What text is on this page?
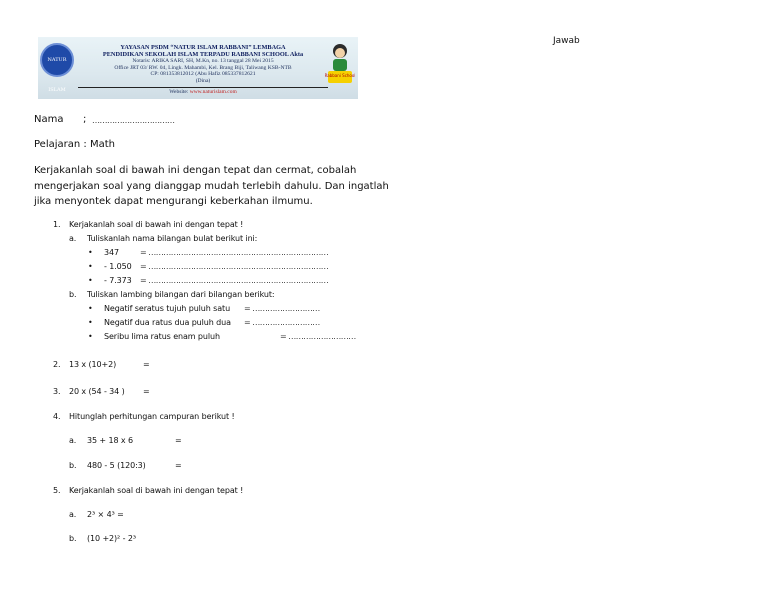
Jawab
NATUR ISLAM
YAYASAN PSDM “NATUR ISLAM RABBANI” LEMBAGA
PENDIDIKAN SEKOLAH ISLAM TERPADU RABBANI SCHOOL Akta
Notaris: ARIKA SARI, SH, M.Kn, no. 13 tanggal 28 Mei 2015
Office JRT 03/ RW. 04, Lingk. Mahambi, Kel. Brang Biji, Taliwang KSB-NTB
CP: 081353812012 (Abu Hafiz 085337812621
(Dina)
Website: www.naturislam.com
Rabbani School
Nama ; ……………………………
Pelajaran : Math
Kerjakanlah soal di bawah ini dengan tepat dan cermat, cobalah
mengerjakan soal yang dianggap mudah terlebih dahulu. Dan ingatlah
jika menyontek dapat mengurangi keberkahan ilmumu.
1. Kerjakanlah soal di bawah ini dengan tepat !
a. Tuliskanlah nama bilangan bulat berikut ini:
• 347	= ………………………………………………………………
• - 1.050 = ………………………………………………………………
• - 7.373 = ………………………………………………………………
b. Tuliskan lambing bilangan dari bilangan berikut:
• Negatif seratus tujuh puluh satu = ………………………
• Negatif dua ratus dua puluh dua = ………………………
• Seribu lima ratus enam puluh	= ………………………
2. 13 x (10+2)	=
3. 20 x (54 - 34 ) =
4. Hitunglah perhitungan campuran berikut !
a. 35 + 18 x 6	=
b. 480 - 5 (120:3)	=
5. Kerjakanlah soal di bawah ini dengan tepat !
a. 2³ × 4³ =
b. (10 +2)² - 2³
